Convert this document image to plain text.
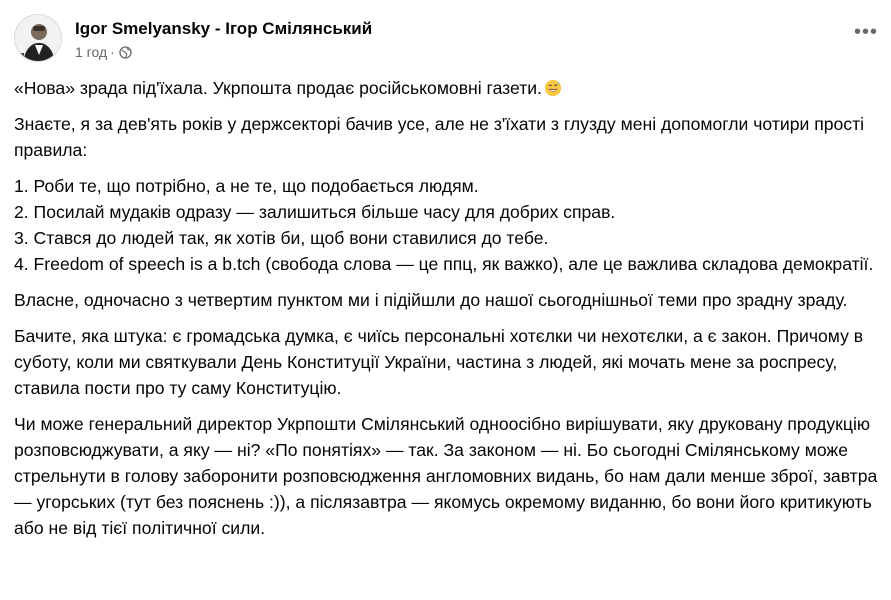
Igor Smelyansky - Ігор Смілянський
1 год ·
•••

«Нова» зрада під'їхала. Укрпошта продає російськомовні газети.

Знаєте, я за дев'ять років у держсекторі бачив усе, але не з'їхати з глузду мені допомогли чотири прості правила:

1. Роби те, що потрібно, а не те, що подобається людям.
2. Посилай мудаків одразу — залишиться більше часу для добрих справ.
3. Стався до людей так, як хотів би, щоб вони ставилися до тебе.
4. Freedom of speech is a b.tch (свобода слова — це ппц, як важко), але це важлива складова демократії.

Власне, одночасно з четвертим пунктом ми і підійшли до нашої сьогоднішньої теми про зрадну зраду.

Бачите, яка штука: є громадська думка, є чиїсь персональні хотєлки чи нехотєлки, а є закон. Причому в суботу, коли ми святкували День Конституції України, частина з людей, які мочать мене за роспресу, ставила пости про ту саму Конституцію.

Чи може генеральний директор Укрпошти Смілянський одноосібно вирішувати, яку друковану продукцію розповсюджувати, а яку — ні? «По понятіях» — так. За законом — ні. Бо сьогодні Смілянському може стрельнути в голову заборонити розповсюдження англомовних видань, бо нам дали менше зброї, завтра — угорських (тут без пояснень :)), а післязавтра — якомусь окремому виданню, бо вони його критикують або не від тієї політичної сили.
